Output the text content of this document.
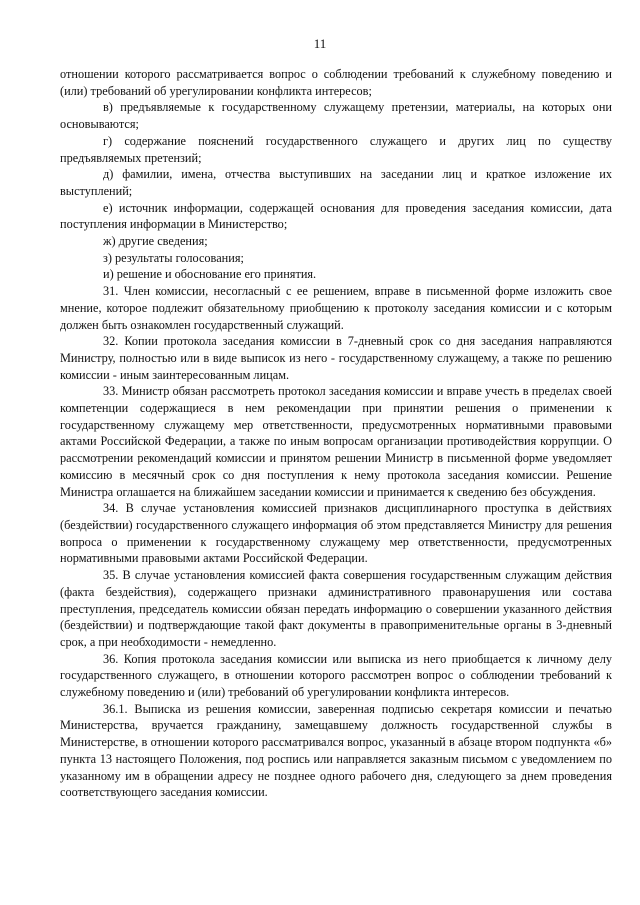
11

отношении которого рассматривается вопрос о соблюдении требований к служебному поведению и (или) требований об урегулировании конфликта интересов;

в) предъявляемые к государственному служащему претензии, материалы, на которых они основываются;

г) содержание пояснений государственного служащего и других лиц по существу предъявляемых претензий;

д) фамилии, имена, отчества выступивших на заседании лиц и краткое изложение их выступлений;

е) источник информации, содержащей основания для проведения заседания комиссии, дата поступления информации в Министерство;

ж) другие сведения;

з) результаты голосования;

и) решение и обоснование его принятия.

31. Член комиссии, несогласный с ее решением, вправе в письменной форме изложить свое мнение, которое подлежит обязательному приобщению к протоколу заседания комиссии и с которым должен быть ознакомлен государственный служащий.

32. Копии протокола заседания комиссии в 7-дневный срок со дня заседания направляются Министру, полностью или в виде выписок из него - государственному служащему, а также по решению комиссии - иным заинтересованным лицам.

33. Министр обязан рассмотреть протокол заседания комиссии и вправе учесть в пределах своей компетенции содержащиеся в нем рекомендации при принятии решения о применении к государственному служащему мер ответственности, предусмотренных нормативными правовыми актами Российской Федерации, а также по иным вопросам организации противодействия коррупции. О рассмотрении рекомендаций комиссии и принятом решении Министр в письменной форме уведомляет комиссию в месячный срок со дня поступления к нему протокола заседания комиссии. Решение Министра оглашается на ближайшем заседании комиссии и принимается к сведению без обсуждения.

34. В случае установления комиссией признаков дисциплинарного проступка в действиях (бездействии) государственного служащего информация об этом представляется Министру для решения вопроса о применении к государственному служащему мер ответственности, предусмотренных нормативными правовыми актами Российской Федерации.

35. В случае установления комиссией факта совершения государственным служащим действия (факта бездействия), содержащего признаки административного правонарушения или состава преступления, председатель комиссии обязан передать информацию о совершении указанного действия (бездействии) и подтверждающие такой факт документы в правоприменительные органы в 3-дневный срок, а при необходимости - немедленно.

36. Копия протокола заседания комиссии или выписка из него приобщается к личному делу государственного служащего, в отношении которого рассмотрен вопрос о соблюдении требований к служебному поведению и (или) требований об урегулировании конфликта интересов.

36.1. Выписка из решения комиссии, заверенная подписью секретаря комиссии и печатью Министерства, вручается гражданину, замещавшему должность государственной службы в Министерстве, в отношении которого рассматривался вопрос, указанный в абзаце втором подпункта «б» пункта 13 настоящего Положения, под роспись или направляется заказным письмом с уведомлением по указанному им в обращении адресу не позднее одного рабочего дня, следующего за днем проведения соответствующего заседания комиссии.
